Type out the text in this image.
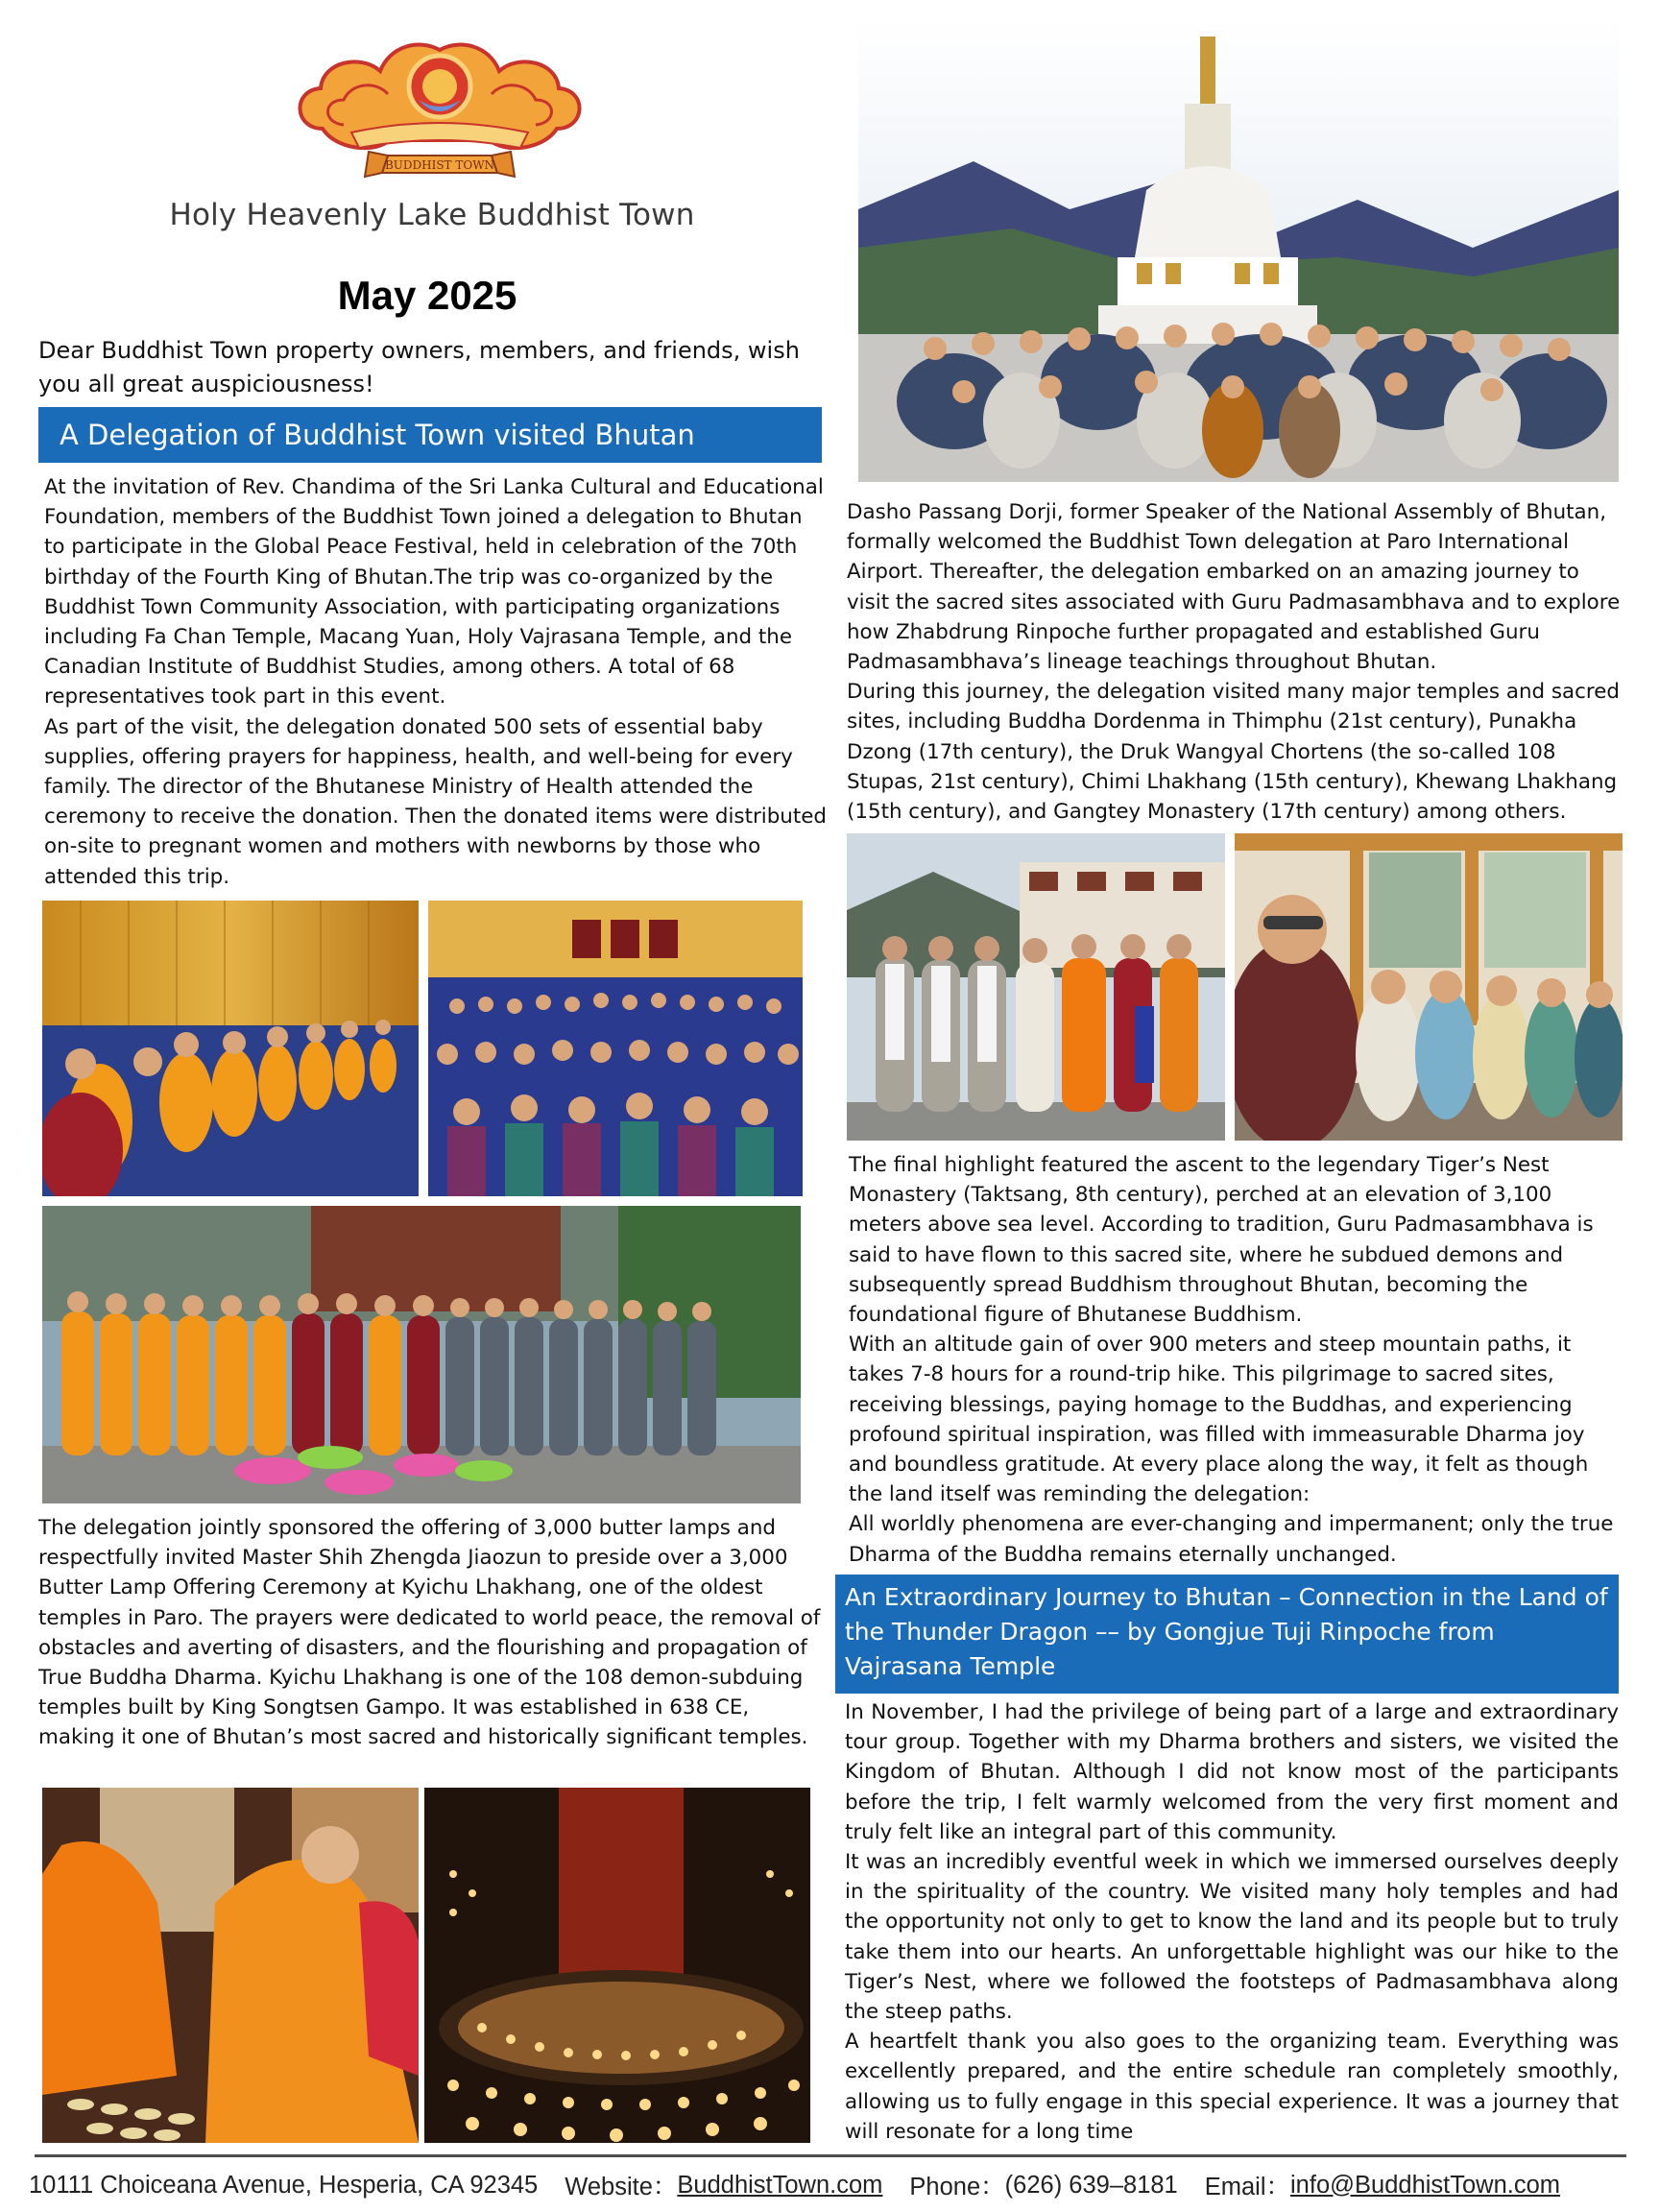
BUDDHIST TOWN
Holy Heavenly Lake Buddhist Town
May 2025
Dear Buddhist Town property owners, members, and friends, wish you all great auspiciousness!
A Delegation of Buddhist Town visited Bhutan

At the invitation of Rev. Chandima of the Sri Lanka Cultural and Educational Foundation, members of the Buddhist Town joined a delegation to Bhutan to participate in the Global Peace Festival, held in celebration of the 70th birthday of the Fourth King of Bhutan.The trip was co-organized by the Buddhist Town Community Association, with participating organizations including Fa Chan Temple, Macang Yuan, Holy Vajrasana Temple, and the Canadian Institute of Buddhist Studies, among others. A total of 68 representatives took part in this event.

As part of the visit, the delegation donated 500 sets of essential baby supplies, offering prayers for happiness, health, and well-being for every family. The director of the Bhutanese Ministry of Health attended the ceremony to receive the donation. Then the donated items were distributed on-site to pregnant women and mothers with newborns by those who attended this trip.

The delegation jointly sponsored the offering of 3,000 butter lamps and respectfully invited Master Shih Zhengda Jiaozun to preside over a 3,000 Butter Lamp Offering Ceremony at Kyichu Lhakhang, one of the oldest temples in Paro. The prayers were dedicated to world peace, the removal of obstacles and averting of disasters, and the flourishing and propagation of True Buddha Dharma. Kyichu Lhakhang is one of the 108 demon-subduing temples built by King Songtsen Gampo. It was established in 638 CE, making it one of Bhutan’s most sacred and historically significant temples.

Dasho Passang Dorji, former Speaker of the National Assembly of Bhutan, formally welcomed the Buddhist Town delegation at Paro International Airport. Thereafter, the delegation embarked on an amazing journey to visit the sacred sites associated with Guru Padmasambhava and to explore how Zhabdrung Rinpoche further propagated and established Guru Padmasambhava’s lineage teachings throughout Bhutan.

During this journey, the delegation visited many major temples and sacred sites, including Buddha Dordenma in Thimphu (21st century), Punakha Dzong (17th century), the Druk Wangyal Chortens (the so-called 108 Stupas, 21st century), Chimi Lhakhang (15th century), Khewang Lhakhang (15th century), and Gangtey Monastery (17th century) among others.

The final highlight featured the ascent to the legendary Tiger’s Nest Monastery (Taktsang, 8th century), perched at an elevation of 3,100 meters above sea level. According to tradition, Guru Padmasambhava is said to have flown to this sacred site, where he subdued demons and subsequently spread Buddhism throughout Bhutan, becoming the foundational figure of Bhutanese Buddhism.

With an altitude gain of over 900 meters and steep mountain paths, it takes 7-8 hours for a round-trip hike. This pilgrimage to sacred sites, receiving blessings, paying homage to the Buddhas, and experiencing profound spiritual inspiration, was filled with immeasurable Dharma joy and boundless gratitude. At every place along the way, it felt as though the land itself was reminding the delegation:

All worldly phenomena are ever-changing and impermanent; only the true Dharma of the Buddha remains eternally unchanged.

An Extraordinary Journey to Bhutan – Connection in the Land of the Thunder Dragon –– by Gongjue Tuji Rinpoche from Vajrasana Temple

In November, I had the privilege of being part of a large and extraordinary tour group. Together with my Dharma brothers and sisters, we visited the Kingdom of Bhutan. Although I did not know most of the participants before the trip, I felt warmly welcomed from the very first moment and truly felt like an integral part of this community.

It was an incredibly eventful week in which we immersed ourselves deeply in the spirituality of the country. We visited many holy temples and had the opportunity not only to get to know the land and its people but to truly take them into our hearts. An unforgettable highlight was our hike to the Tiger’s Nest, where we followed the footsteps of Padmasambhava along the steep paths.

A heartfelt thank you also goes to the organizing team. Everything was excellently prepared, and the entire schedule ran completely smoothly, allowing us to fully engage in this special experience. It was a journey that will resonate for a long time

10111 Choiceana Avenue, Hesperia, CA 92345 Website： BuddhistTown.com Phone： (626) 639–8181 Email： info@BuddhistTown.com
